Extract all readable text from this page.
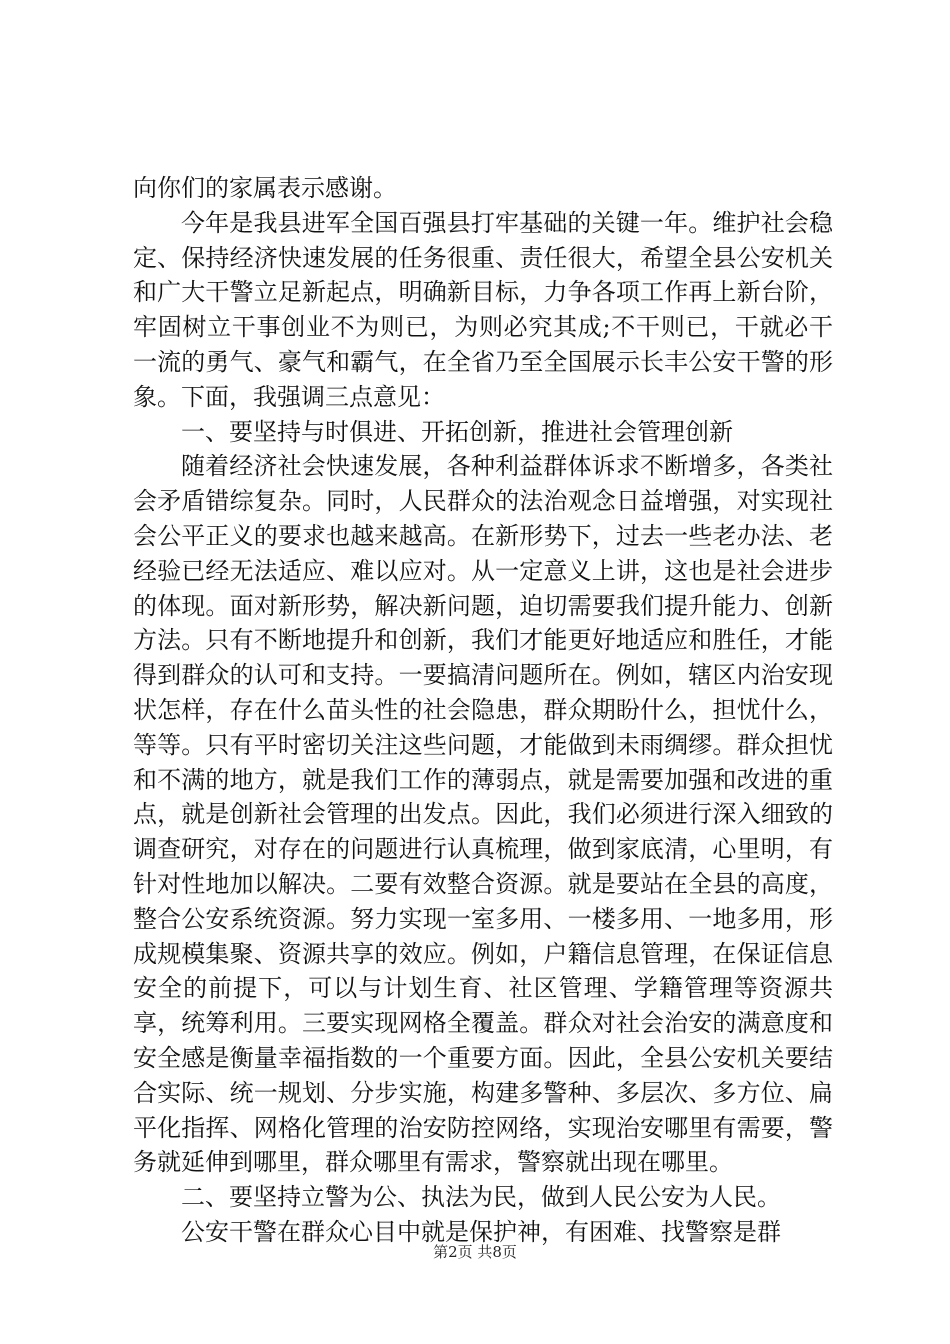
向你们的家属表示感谢。

今年是我县进军全国百强县打牢基础的关键一年。维护社会稳定、保持经济快速发展的任务很重、责任很大，希望全县公安机关和广大干警立足新起点，明确新目标，力争各项工作再上新台阶，牢固树立干事创业不为则已，为则必究其成;不干则已，干就必干一流的勇气、豪气和霸气，在全省乃至全国展示长丰公安干警的形象。下面，我强调三点意见：

一、要坚持与时俱进、开拓创新，推进社会管理创新

随着经济社会快速发展，各种利益群体诉求不断增多，各类社会矛盾错综复杂。同时，人民群众的法治观念日益增强，对实现社会公平正义的要求也越来越高。在新形势下，过去一些老办法、老经验已经无法适应、难以应对。从一定意义上讲，这也是社会进步的体现。面对新形势，解决新问题，迫切需要我们提升能力、创新方法。只有不断地提升和创新，我们才能更好地适应和胜任，才能得到群众的认可和支持。一要搞清问题所在。例如，辖区内治安现状怎样，存在什么苗头性的社会隐患，群众期盼什么，担忧什么，等等。只有平时密切关注这些问题，才能做到未雨绸缪。群众担忧和不满的地方，就是我们工作的薄弱点，就是需要加强和改进的重点，就是创新社会管理的出发点。因此，我们必须进行深入细致的调查研究，对存在的问题进行认真梳理，做到家底清，心里明，有针对性地加以解决。二要有效整合资源。就是要站在全县的高度，整合公安系统资源。努力实现一室多用、一楼多用、一地多用，形成规模集聚、资源共享的效应。例如，户籍信息管理，在保证信息安全的前提下，可以与计划生育、社区管理、学籍管理等资源共享，统筹利用。三要实现网格全覆盖。群众对社会治安的满意度和安全感是衡量幸福指数的一个重要方面。因此，全县公安机关要结合实际、统一规划、分步实施，构建多警种、多层次、多方位、扁平化指挥、网格化管理的治安防控网络，实现治安哪里有需要，警务就延伸到哪里，群众哪里有需求，警察就出现在哪里。

二、要坚持立警为公、执法为民，做到人民公安为人民。

公安干警在群众心目中就是保护神，有困难、找警察是群

第2页 共8页
